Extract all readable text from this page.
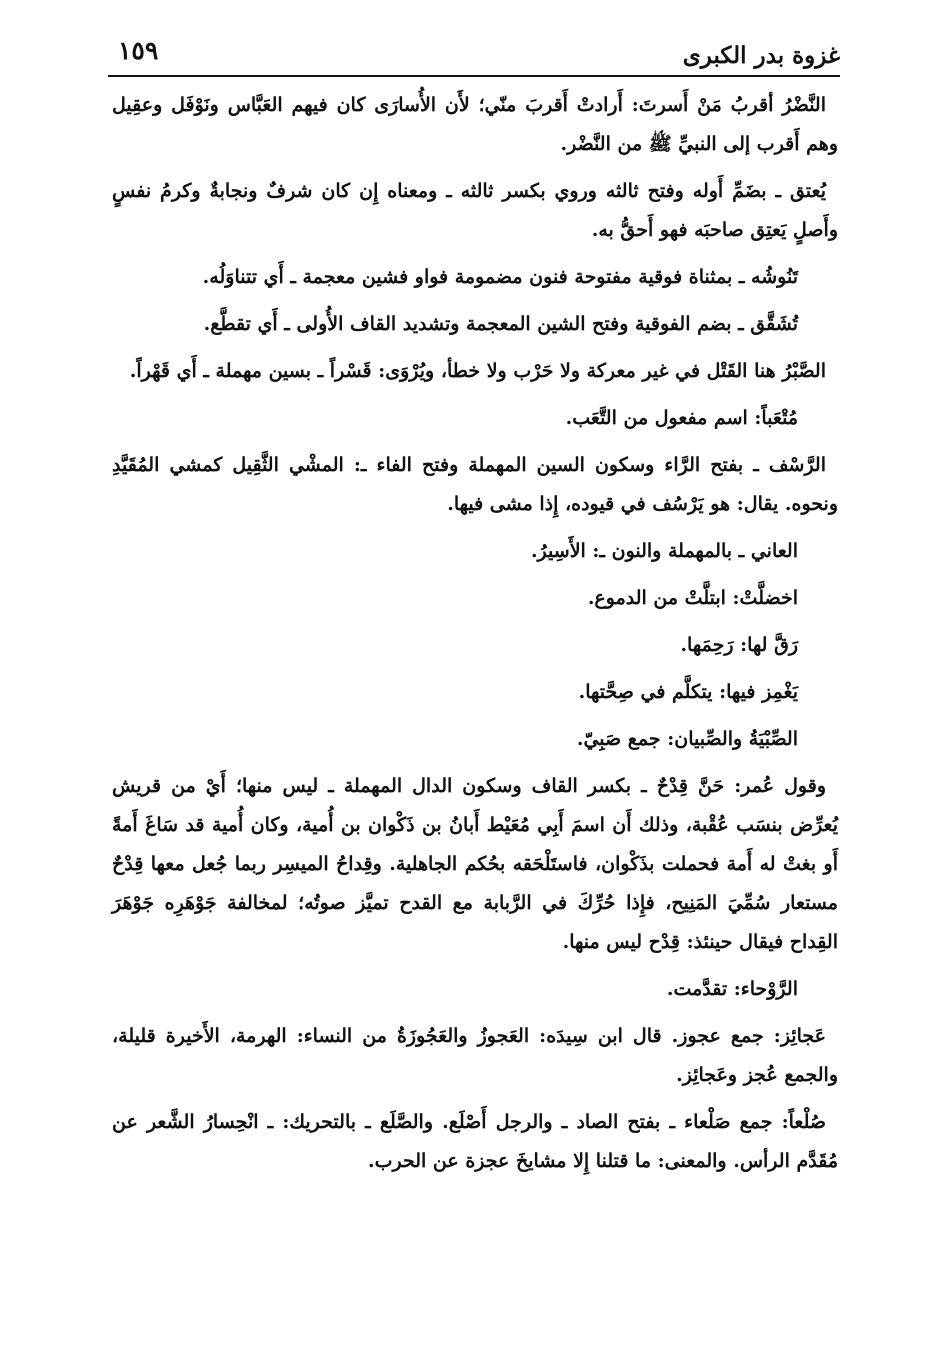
غزوة بدر الكبرى
١٥٩

النَّضْرُ أقربُ مَنْ أَسرتَ: أَرادتْ أَقربَ منّي؛ لأَن الأُسارَى كان فيهم العَبَّاس ونَوْفَل وعقِيل وهم أَقرب إلى النبيِّ ﷺ من النَّضْر.

يُعتق ـ بضَمِّ أَوله وفتح ثالثه وروي بكسر ثالثه ـ ومعناه إِن كان شرفٌ ونجابةٌ وكرمُ نفسٍ وأَصلٍ يَعتِق صاحبَه فهو أَحقُّ به.

تَنُوشُه ـ بمثناة فوقية مفتوحة فنون مضمومة فواو فشين معجمة ـ أَي تتناوَلُه.

تُشَقَّق ـ بضم الفوقية وفتح الشين المعجمة وتشديد القاف الأُولى ـ أَي تقطَّع.

الصَّبْرُ هنا القَتْل في غير معركة ولا حَرْب ولا خطأ، ويُرْوَى: قَسْراً ـ بسين مهملة ـ أَي قَهْراً.

مُتْعَباً: اسم مفعول من التَّعَب.

الرَّسْف ـ بفتح الرَّاء وسكون السين المهملة وفتح الفاء ـ: المشْي الثَّقِيل كمشي المُقَيَّدِ ونحوه. يقال: هو يَرْسُف في قيوده، إِذا مشى فيها.

العاني ـ بالمهملة والنون ـ: الأَسِيرُ.

اخضلَّتْ: ابتلَّتْ من الدموع.

رَقَّ لها: رَحِمَها.

يَغْمِز فيها: يتكلَّم في صِحَّتها.

الصِّبْيَةُ والصِّبيان: جمع صَبِيّ.

وقول عُمر: حَنَّ قِدْحٌ ـ بكسر القاف وسكون الدال المهملة ـ ليس منها؛ أَيْ من قريش يُعرِّض بنسَب عُقْبة، وذلك أَن اسمَ أَبِي مُعَيْط أَبانُ بن ذَكْوان بن أُمية، وكان أُمية قد سَاغَ أَمةً أَو بغتْ له أَمة فحملت بذَكْوان، فاستَلْحَقه بحُكم الجاهلية. وقِداحُ الميسِر ربما جُعل معها قِدْحٌ مستعار سُمِّيَ المَنِيح، فإِذا حُرِّكَ في الرَّبابة مع القدح تميَّز صوتُه؛ لمخالفة جَوْهَرِه جَوْهَرَ القِداح فيقال حينئذ: قِدْح ليس منها.

الرَّوْحاء: تقدَّمت.

عَجائِز: جمع عجوز. قال ابن سِيدَه: العَجوزُ والعَجُوزَةُ من النساء: الهرمة، الأَخيرة قليلة، والجمع عُجز وعَجائِز.

صُلْعاً: جمع صَلْعاء ـ بفتح الصاد ـ والرجل أَصْلَع. والصَّلَع ـ بالتحريك: ـ انْحِسارُ الشَّعر عن مُقَدَّم الرأس. والمعنى: ما قتلنا إِلا مشايخَ عجزة عن الحرب.
